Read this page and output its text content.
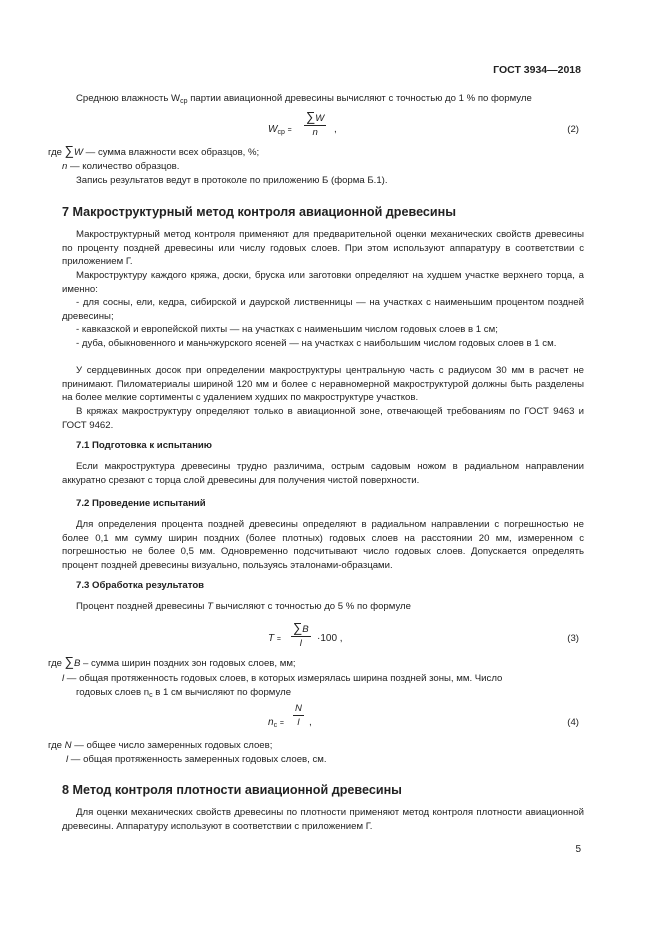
ГОСТ 3934—2018
Среднюю влажность $W_{ср}$ партии авиационной древесины вычисляют с точностью до 1 % по формуле
$W_{ср} = \frac{\sum W}{n}$ ,	(2)
где ∑W — сумма влажности всех образцов, %;
n — количество образцов.
Запись результатов ведут в протоколе по приложению Б (форма Б.1).
7 Макроструктурный метод контроля авиационной древесины
Макроструктурный метод контроля применяют для предварительной оценки механических свойств древесины по проценту поздней древесины или числу годовых слоев. При этом используют аппаратуру в соответствии с приложением Г.
Макроструктуру каждого кряжа, доски, бруска или заготовки определяют на худшем участке верхнего торца, а именно:
- для сосны, ели, кедра, сибирской и даурской лиственницы — на участках с наименьшим процентом поздней древесины;
- кавказской и европейской пихты — на участках с наименьшим числом годовых слоев в 1 см;
- дуба, обыкновенного и маньчжурского ясеней — на участках с наибольшим числом годовых слоев в 1 см.
У сердцевинных досок при определении макроструктуры центральную часть с радиусом 30 мм в расчет не принимают. Пиломатериалы шириной 120 мм и более с неравномерной макроструктурой должны быть разделены на более мелкие сортименты с удалением худших по макроструктуре участков.
В кряжах макроструктуру определяют только в авиационной зоне, отвечающей требованиям по ГОСТ 9463 и ГОСТ 9462.
7.1 Подготовка к испытанию
Если макроструктура древесины трудно различима, острым садовым ножом в радиальном направлении аккуратно срезают с торца слой древесины для получения чистой поверхности.
7.2 Проведение испытаний
Для определения процента поздней древесины определяют в радиальном направлении с погрешностью не более 0,1 мм сумму ширин поздних (более плотных) годовых слоев на расстоянии 20 мм, измеренном с погрешностью не более 0,5 мм. Одновременно подсчитывают число годовых слоев. Допускается определять процент поздней древесины визуально, пользуясь эталонами-образцами.
7.3 Обработка результатов
Процент поздней древесины T вычисляют с точностью до 5 % по формуле
$T = \frac{\sum B}{l} \cdot 100$ ,	(3)
где ∑B – сумма ширин поздних зон годовых слоев, мм;
l — общая протяженность годовых слоев, в которых измерялась ширина поздней зоны, мм. Число
годовых слоев $n_c$ в 1 см вычисляют по формуле
$n_c = \frac{N}{l}$ ,	(4)
где N — общее число замеренных годовых слоев;
l — общая протяженность замеренных годовых слоев, см.
8 Метод контроля плотности авиационной древесины
Для оценки механических свойств древесины по плотности применяют метод контроля плотности авиационной древесины. Аппаратуру используют в соответствии с приложением Г.
5
